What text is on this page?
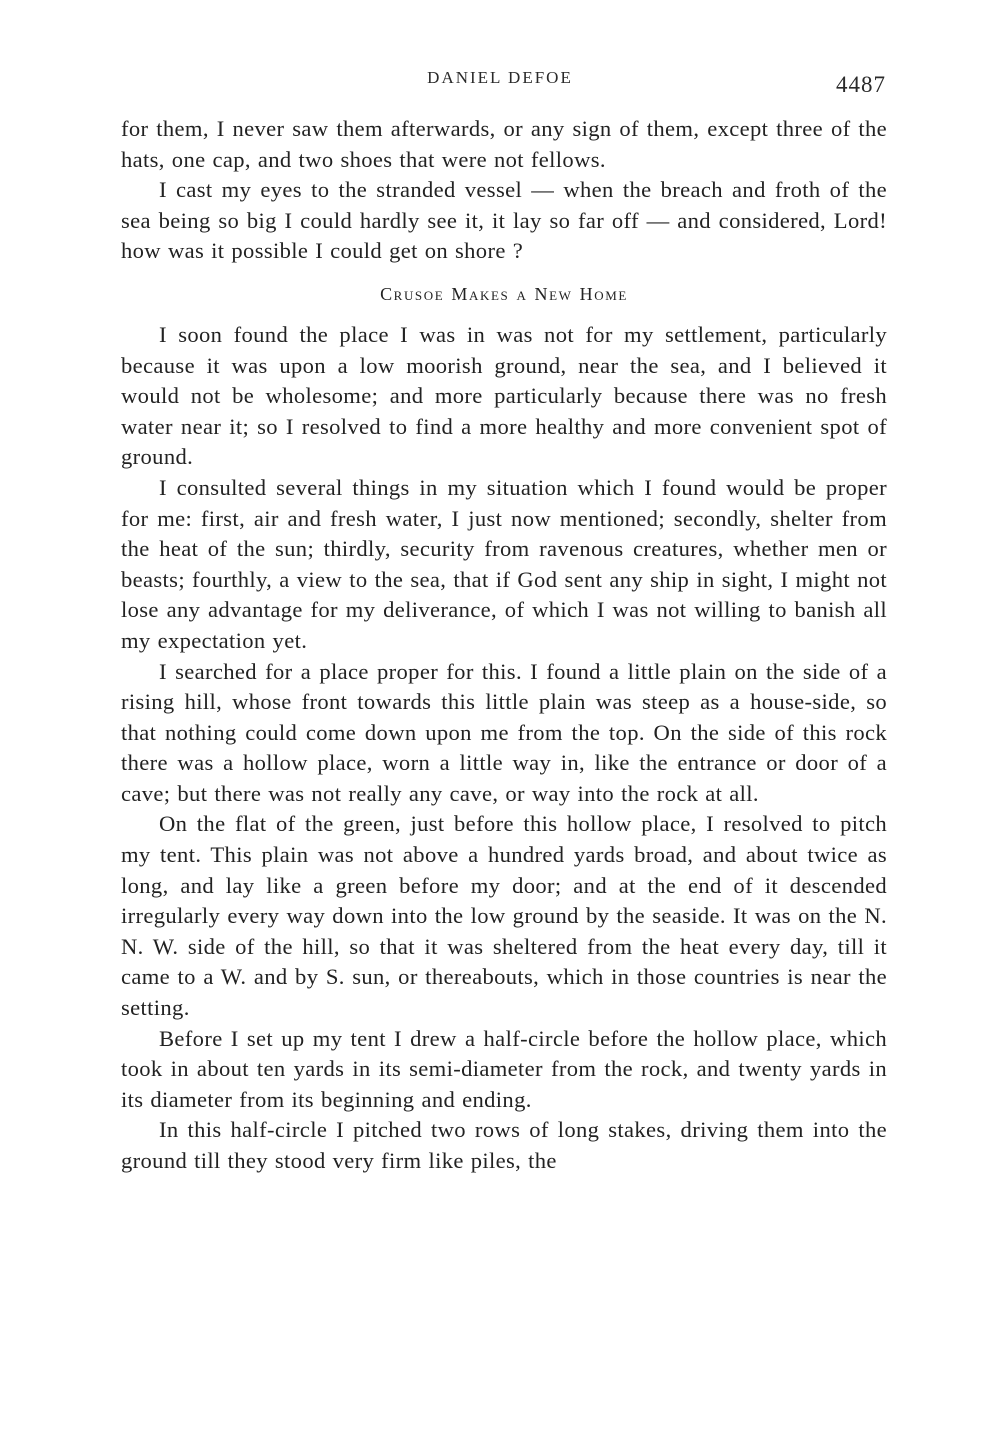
DANIEL DEFOE	4487

for them, I never saw them afterwards, or any sign of them, except three of the hats, one cap, and two shoes that were not fellows.

I cast my eyes to the stranded vessel — when the breach and froth of the sea being so big I could hardly see it, it lay so far off — and considered, Lord! how was it possible I could get on shore ?

Crusoe Makes a New Home

I soon found the place I was in was not for my settlement, particularly because it was upon a low moorish ground, near the sea, and I believed it would not be wholesome; and more particularly because there was no fresh water near it; so I resolved to find a more healthy and more convenient spot of ground.

I consulted several things in my situation which I found would be proper for me: first, air and fresh water, I just now mentioned; secondly, shelter from the heat of the sun; thirdly, security from ravenous creatures, whether men or beasts; fourthly, a view to the sea, that if God sent any ship in sight, I might not lose any advantage for my deliverance, of which I was not willing to banish all my expectation yet.

I searched for a place proper for this. I found a little plain on the side of a rising hill, whose front towards this little plain was steep as a house-side, so that nothing could come down upon me from the top. On the side of this rock there was a hollow place, worn a little way in, like the entrance or door of a cave; but there was not really any cave, or way into the rock at all.

On the flat of the green, just before this hollow place, I resolved to pitch my tent. This plain was not above a hundred yards broad, and about twice as long, and lay like a green before my door; and at the end of it descended irregularly every way down into the low ground by the seaside. It was on the N. N. W. side of the hill, so that it was sheltered from the heat every day, till it came to a W. and by S. sun, or thereabouts, which in those countries is near the setting.

Before I set up my tent I drew a half-circle before the hollow place, which took in about ten yards in its semi-diameter from the rock, and twenty yards in its diameter from its beginning and ending.

In this half-circle I pitched two rows of long stakes, driving them into the ground till they stood very firm like piles, the
